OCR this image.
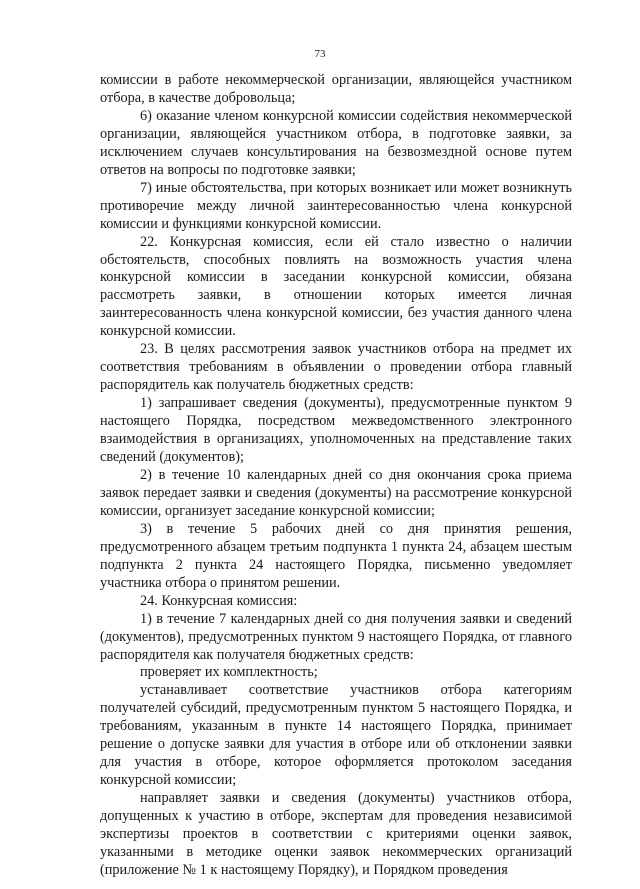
73

комиссии в работе некоммерческой организации, являющейся участником отбора, в качестве добровольца;

6) оказание членом конкурсной комиссии содействия некоммерческой организации, являющейся участником отбора, в подготовке заявки, за исключением случаев консультирования на безвозмездной основе путем ответов на вопросы по подготовке заявки;

7) иные обстоятельства, при которых возникает или может возникнуть противоречие между личной заинтересованностью члена конкурсной комиссии и функциями конкурсной комиссии.

22. Конкурсная комиссия, если ей стало известно о наличии обстоятельств, способных повлиять на возможность участия члена конкурсной комиссии в заседании конкурсной комиссии, обязана рассмотреть заявки, в отношении которых имеется личная заинтересованность члена конкурсной комиссии, без участия данного члена конкурсной комиссии.

23. В целях рассмотрения заявок участников отбора на предмет их соответствия требованиям в объявлении о проведении отбора главный распорядитель как получатель бюджетных средств:

1) запрашивает сведения (документы), предусмотренные пунктом 9 настоящего Порядка, посредством межведомственного электронного взаимодействия в организациях, уполномоченных на представление таких сведений (документов);

2) в течение 10 календарных дней со дня окончания срока приема заявок передает заявки и сведения (документы) на рассмотрение конкурсной комиссии, организует заседание конкурсной комиссии;

3) в течение 5 рабочих дней со дня принятия решения, предусмотренного абзацем третьим подпункта 1 пункта 24, абзацем шестым подпункта 2 пункта 24 настоящего Порядка, письменно уведомляет участника отбора о принятом решении.

24. Конкурсная комиссия:

1) в течение 7 календарных дней со дня получения заявки и сведений (документов), предусмотренных пунктом 9 настоящего Порядка, от главного распорядителя как получателя бюджетных средств:

проверяет их комплектность;

устанавливает соответствие участников отбора категориям получателей субсидий, предусмотренным пунктом 5 настоящего Порядка, и требованиям, указанным в пункте 14 настоящего Порядка, принимает решение о допуске заявки для участия в отборе или об отклонении заявки для участия в отборе, которое оформляется протоколом заседания конкурсной комиссии;

направляет заявки и сведения (документы) участников отбора, допущенных к участию в отборе, экспертам для проведения независимой экспертизы проектов в соответствии с критериями оценки заявок, указанными в методике оценки заявок некоммерческих организаций (приложение № 1 к настоящему Порядку), и Порядком проведения
